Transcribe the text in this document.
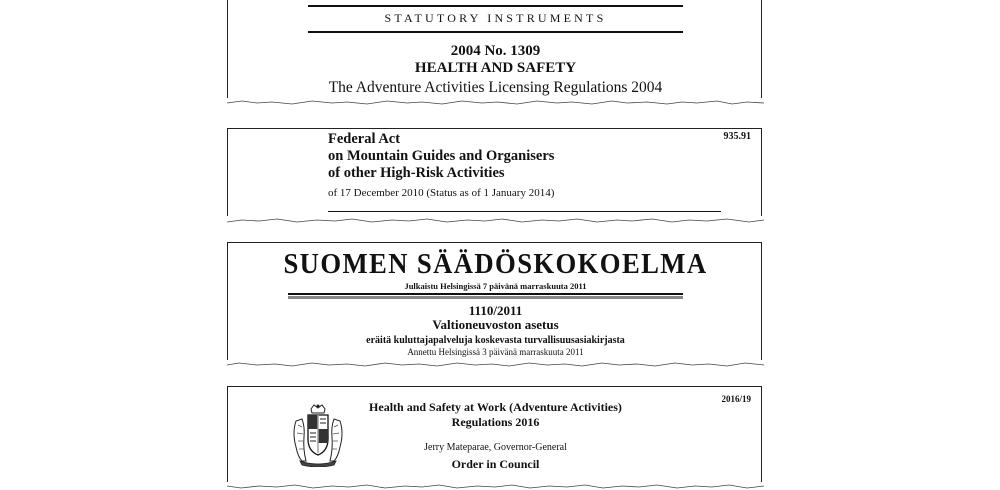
STATUTORY INSTRUMENTS
2004 No. 1309
HEALTH AND SAFETY
The Adventure Activities Licensing Regulations 2004
Federal Act
on Mountain Guides and Organisers
of other High-Risk Activities
935.91
of 17 December 2010 (Status as of 1 January 2014)
SUOMEN SÄÄDÖSKOKOELMA
Julkaistu Helsingissä 7 päivänä marraskuuta 2011
1110/2011
Valtioneuvoston asetus
eräitä kuluttajapalveluja koskevasta turvallisuusasiakirjasta
Annettu Helsingissä 3 päivänä marraskuuta 2011
Health and Safety at Work (Adventure Activities)
Regulations 2016
2016/19
Jerry Mateparae, Governor-General
Order in Council
